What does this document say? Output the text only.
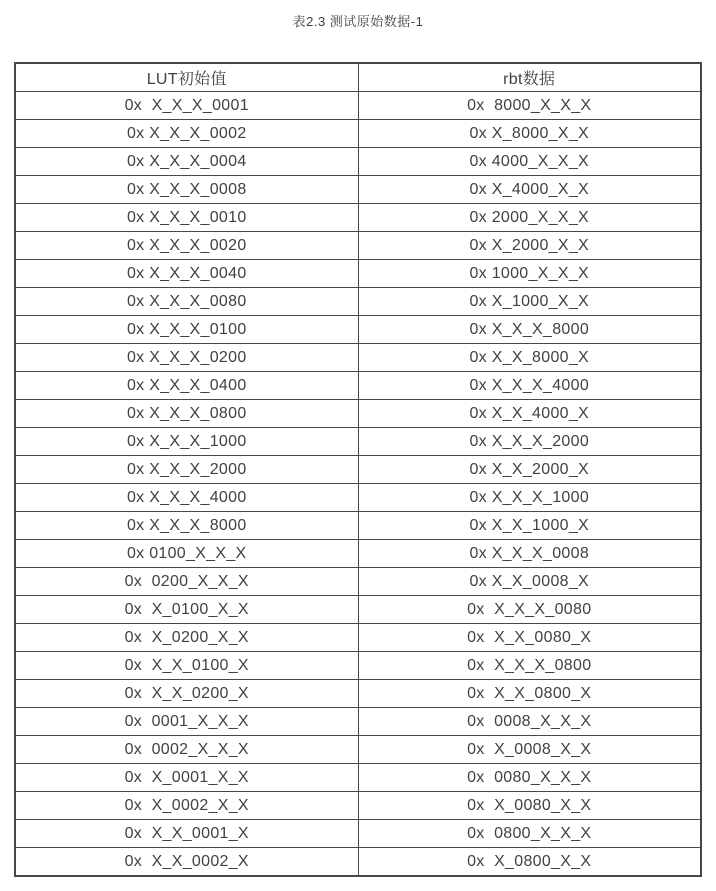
表2.3 测试原始数据-1
LUT初始值	rbt数据
0x  X_X_X_0001	0x  8000_X_X_X
0x X_X_X_0002	0x X_8000_X_X
0x X_X_X_0004	0x 4000_X_X_X
0x X_X_X_0008	0x X_4000_X_X
0x X_X_X_0010	0x 2000_X_X_X
0x X_X_X_0020	0x X_2000_X_X
0x X_X_X_0040	0x 1000_X_X_X
0x X_X_X_0080	0x X_1000_X_X
0x X_X_X_0100	0x X_X_X_8000
0x X_X_X_0200	0x X_X_8000_X
0x X_X_X_0400	0x X_X_X_4000
0x X_X_X_0800	0x X_X_4000_X
0x X_X_X_1000	0x X_X_X_2000
0x X_X_X_2000	0x X_X_2000_X
0x X_X_X_4000	0x X_X_X_1000
0x X_X_X_8000	0x X_X_1000_X
0x 0100_X_X_X	0x X_X_X_0008
0x  0200_X_X_X	0x X_X_0008_X
0x  X_0100_X_X	0x  X_X_X_0080
0x  X_0200_X_X	0x  X_X_0080_X
0x  X_X_0100_X	0x  X_X_X_0800
0x  X_X_0200_X	0x  X_X_0800_X
0x  0001_X_X_X	0x  0008_X_X_X
0x  0002_X_X_X	0x  X_0008_X_X
0x  X_0001_X_X	0x  0080_X_X_X
0x  X_0002_X_X	0x  X_0080_X_X
0x  X_X_0001_X	0x  0800_X_X_X
0x  X_X_0002_X	0x  X_0800_X_X
